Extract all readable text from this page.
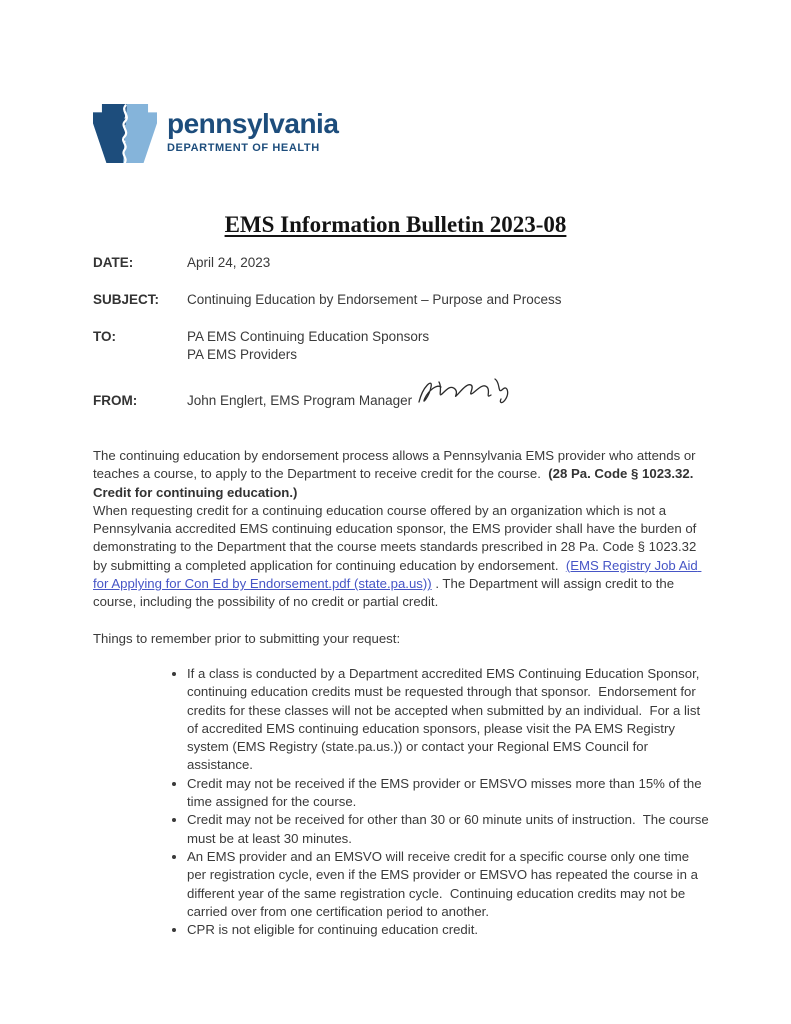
pennsylvania
DEPARTMENT OF HEALTH
EMS Information Bulletin 2023-08
DATE:	April 24, 2023
SUBJECT:	Continuing Education by Endorsement – Purpose and Process
TO:	PA EMS Continuing Education Sponsors
PA EMS Providers
FROM:	John Englert, EMS Program Manager

The continuing education by endorsement process allows a Pennsylvania EMS provider who attends or teaches a course, to apply to the Department to receive credit for the course.  (28 Pa. Code § 1023.32. Credit for continuing education.)

When requesting credit for a continuing education course offered by an organization which is not a Pennsylvania accredited EMS continuing education sponsor, the EMS provider shall have the burden of demonstrating to the Department that the course meets standards prescribed in 28 Pa. Code § 1023.32 by submitting a completed application for continuing education by endorsement.  (EMS Registry Job Aid for Applying for Con Ed by Endorsement.pdf (state.pa.us)) . The Department will assign credit to the course, including the possibility of no credit or partial credit.

Things to remember prior to submitting your request:

• If a class is conducted by a Department accredited EMS Continuing Education Sponsor, continuing education credits must be requested through that sponsor.  Endorsement for credits for these classes will not be accepted when submitted by an individual.  For a list of accredited EMS continuing education sponsors, please visit the PA EMS Registry system (EMS Registry (state.pa.us.)) or contact your Regional EMS Council for assistance.
• Credit may not be received if the EMS provider or EMSVO misses more than 15% of the time assigned for the course.
• Credit may not be received for other than 30 or 60 minute units of instruction.  The course must be at least 30 minutes.
• An EMS provider and an EMSVO will receive credit for a specific course only one time per registration cycle, even if the EMS provider or EMSVO has repeated the course in a different year of the same registration cycle.  Continuing education credits may not be carried over from one certification period to another.
• CPR is not eligible for continuing education credit.
